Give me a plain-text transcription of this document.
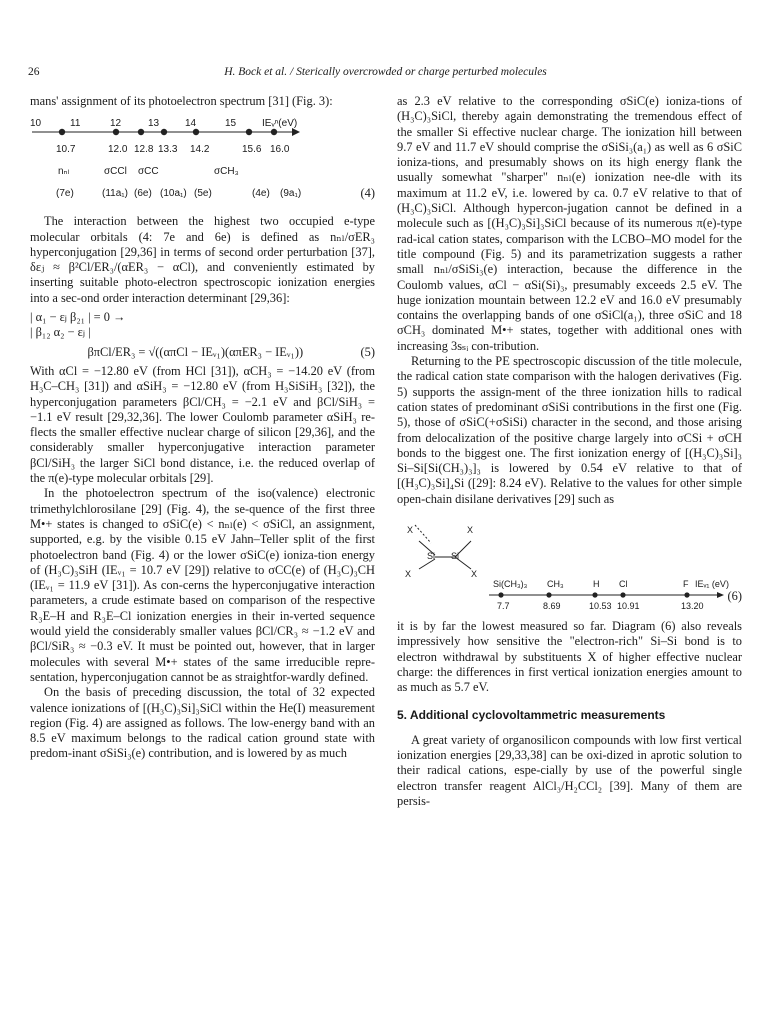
26	H. Bock et al. / Sterically overcrowded or charge perturbed molecules

mans' assignment of its photoelectron spectrum [31] (Fig. 3):

10	11	12	13	14	15	IEᵥⁿ(eV)
10.7	12.0 12.8 13.3 14.2	15.6 16.0
nₙₗ	σCCl σCC	σCH₃
(7e)	(11a₁) (6e) (10a₁) (5e)	(4e) (9a₁)	(4)

The interaction between the highest two occupied e-type molecular orbitals (4: 7e and 6e) is defined as nₙₗ/σER₃ hyperconjugation [29,36] in terms of second order perturbation [37], δεⱼ ≈ β²Cl/ER₃/(αER₃ − αCl), and conveniently estimated by inserting suitable photo-electron spectroscopic ionization energies into a sec-ond order interaction determinant [29,36]:

| α₁ − εⱼ β₂₁ | = 0 →
| β₁₂ α₂ − εⱼ |
βπCl/ER₃ = √((απCl − IEᵥ₁)(απER₃ − IEᵥ₁))	(5)

With αCl = −12.80 eV (from HCl [31]), αCH₃ = −14.20 eV (from H₃C–CH₃ [31]) and αSiH₃ = −12.80 eV (from H₃SiSiH₃ [32]), the hyperconjugation parameters βCl/CH₃ = −2.1 eV and βCl/SiH₃ = −1.1 eV result [29,32,36]. The lower Coulomb parameter αSiH₃ re-flects the smaller effective nuclear charge of silicon [29,36], and the considerably smaller hyperconjugative interaction parameter βCl/SiH₃ the larger SiCl bond distance, i.e. the reduced overlap of the π(e)-type molecular orbitals [29].

In the photoelectron spectrum of the iso(valence) electronic trimethylchlorosilane [29] (Fig. 4), the se-quence of the first three M•+ states is changed to σSiC(e) < nₙₗ(e) < σSiCl, an assignment, supported, e.g. by the visible 0.15 eV Jahn–Teller split of the first photoelectron band (Fig. 4) or the lower σSiC(e) ioniza-tion energy of (H₃C)₃SiH (IEᵥ₁ = 10.7 eV [29]) relative to σCC(e) of (H₃C)₃CH (IEᵥ₁ = 11.9 eV [31]). As con-cerns the hyperconjugative interaction parameters, a crude estimate based on comparison of the respective R₃E–H and R₃E–Cl ionization energies in their in-verted sequence would yield the considerably smaller values βCl/CR₃ ≈ −1.2 eV and βCl/SiR₃ ≈ −0.3 eV. It must be pointed out, however, that in larger molecules with several M•+ states of the same irreducible repre-sentation, hyperconjugation cannot be as straightfor-wardly defined.

On the basis of preceding discussion, the total of 32 expected valence ionizations of [(H₃C)₃Si]₃SiCl within the He(I) measurement region (Fig. 4) are assigned as follows. The low-energy band with an 8.5 eV maximum belongs to the radical cation ground state with predom-inant σSiSi₃(e) contribution, and is lowered by as much

as 2.3 eV relative to the corresponding σSiC(e) ioniza-tions of (H₃C)₃SiCl, thereby again demonstrating the tremendous effect of the smaller Si effective nuclear charge. The ionization hill between 9.7 eV and 11.7 eV should comprise the σSiSi₃(a₁) as well as 6 σSiC ioniza-tions, and presumably shows on its high energy flank the usually somewhat "sharper" nₙₗ(e) ionization nee-dle with its maximum at 11.2 eV, i.e. lowered by ca. 0.7 eV relative to that of (H₃C)₃SiCl. Although hypercon-jugation cannot be defined in a molecule such as [(H₃C)₃Si]₃SiCl because of its numerous π(e)-type rad-ical cation states, comparison with the LCBO–MO model for the title compound (Fig. 5) and its parametrization suggests a rather small nₙₗ/σSiSi₃(e) interaction, because the difference in the Coulomb values, αCl − αSi(Si)₃, presumably exceeds 2.5 eV. The huge ionization mountain between 12.2 eV and 16.0 eV presumably contains the overlapping bands of one σSiCl(a₁), three σSiC and 18 σCH₃ dominated M•+ states, together with additional ones with increasing 3sₛᵢ con-tribution.

Returning to the PE spectroscopic discussion of the title molecule, the radical cation state comparison with the halogen derivatives (Fig. 5) supports the assign-ment of the three ionization hills to radical cation states of predominant σSiSi contributions in the first one (Fig. 5), those of σSiC(+σSiSi) character in the second, and those arising from delocalization of the positive charge largely into σCSi + σCH bonds to the biggest one. The first ionization energy of [(H₃C)₃Si]₃ Si–Si[Si(CH₃)₃]₃ is lowered by 0.54 eV relative to that of [(H₃C)₃Si]₄Si ([29]: 8.24 eV). Relative to the values for other simple open-chain disilane derivatives [29] such as

X	X
X	X
Si Si
Si(CH₃)₃ CH₃	H Cl	F IEᵥ₁ (eV)
7.7	8.69	10.53 10.91	13.20
(6)

it is by far the lowest measured so far. Diagram (6) also reveals impressively how sensitive the "electron-rich" Si–Si bond is to electron withdrawal by substituents X of higher effective nuclear charge: the differences in first vertical ionization energies amount to as much as 5.7 eV.

5. Additional cyclovoltammetric measurements

A great variety of organosilicon compounds with low first vertical ionization energies [29,33,38] can be oxi-dized in aprotic solution to their radical cations, espe-cially by use of the powerful single electron transfer reagent AlCl₃/H₂CCl₂ [39]. Many of them are persis-
